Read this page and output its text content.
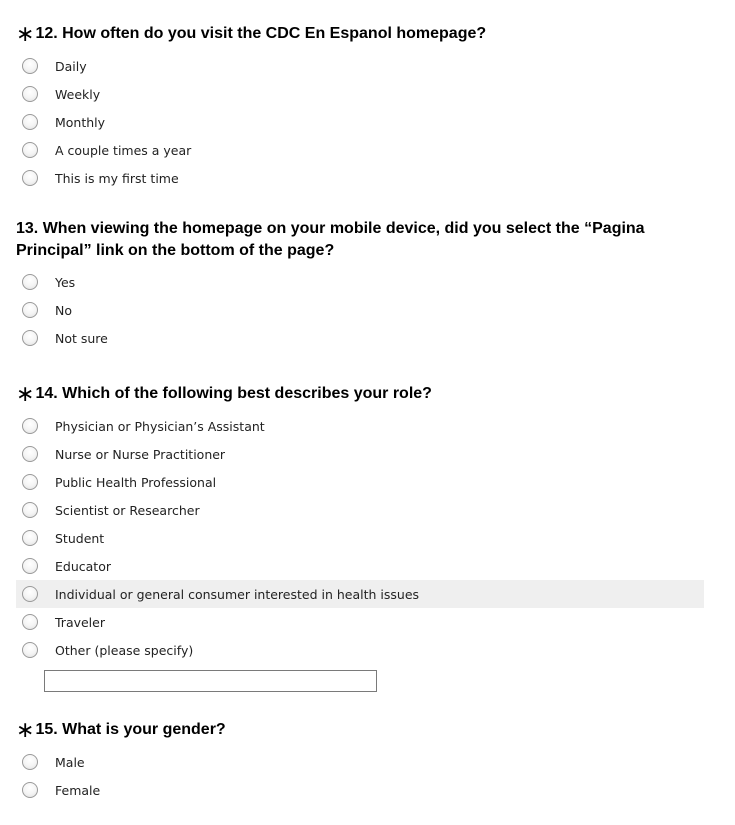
∗12. How often do you visit the CDC En Espanol homepage?

Daily
Weekly
Monthly
A couple times a year
This is my first time

13. When viewing the homepage on your mobile device, did you select the “Pagina
Principal” link on the bottom of the page?

Yes
No
Not sure

∗14. Which of the following best describes your role?

Physician or Physician’s Assistant
Nurse or Nurse Practitioner
Public Health Professional
Scientist or Researcher
Student
Educator
Individual or general consumer interested in health issues
Traveler
Other (please specify)

∗15. What is your gender?

Male
Female
